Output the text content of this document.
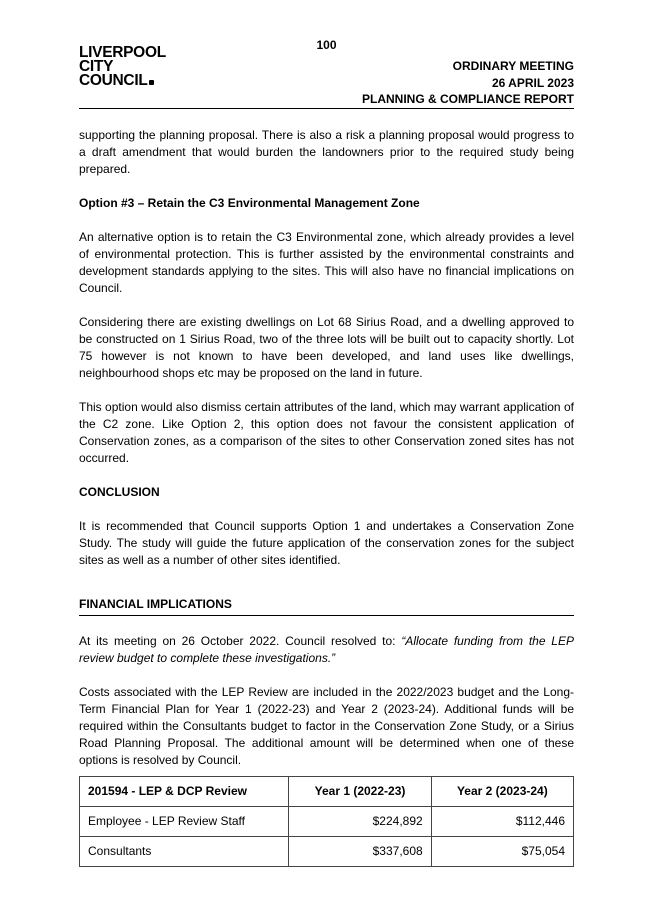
100
LIVERPOOL
CITY
COUNCIL
ORDINARY MEETING
26 APRIL 2023
PLANNING & COMPLIANCE REPORT

supporting the planning proposal. There is also a risk a planning proposal would progress to a draft amendment that would burden the landowners prior to the required study being prepared.

Option #3 – Retain the C3 Environmental Management Zone

An alternative option is to retain the C3 Environmental zone, which already provides a level of environmental protection. This is further assisted by the environmental constraints and development standards applying to the sites. This will also have no financial implications on Council.

Considering there are existing dwellings on Lot 68 Sirius Road, and a dwelling approved to be constructed on 1 Sirius Road, two of the three lots will be built out to capacity shortly. Lot 75 however is not known to have been developed, and land uses like dwellings, neighbourhood shops etc may be proposed on the land in future.

This option would also dismiss certain attributes of the land, which may warrant application of the C2 zone. Like Option 2, this option does not favour the consistent application of Conservation zones, as a comparison of the sites to other Conservation zoned sites has not occurred.

CONCLUSION

It is recommended that Council supports Option 1 and undertakes a Conservation Zone Study. The study will guide the future application of the conservation zones for the subject sites as well as a number of other sites identified.

FINANCIAL IMPLICATIONS

At its meeting on 26 October 2022. Council resolved to: “Allocate funding from the LEP review budget to complete these investigations.”

Costs associated with the LEP Review are included in the 2022/2023 budget and the Long-Term Financial Plan for Year 1 (2022-23) and Year 2 (2023-24). Additional funds will be required within the Consultants budget to factor in the Conservation Zone Study, or a Sirius Road Planning Proposal. The additional amount will be determined when one of these options is resolved by Council.

201594 - LEP & DCP Review	Year 1 (2022-23)	Year 2 (2023-24)
Employee - LEP Review Staff	$224,892	$112,446
Consultants	$337,608	$75,054
